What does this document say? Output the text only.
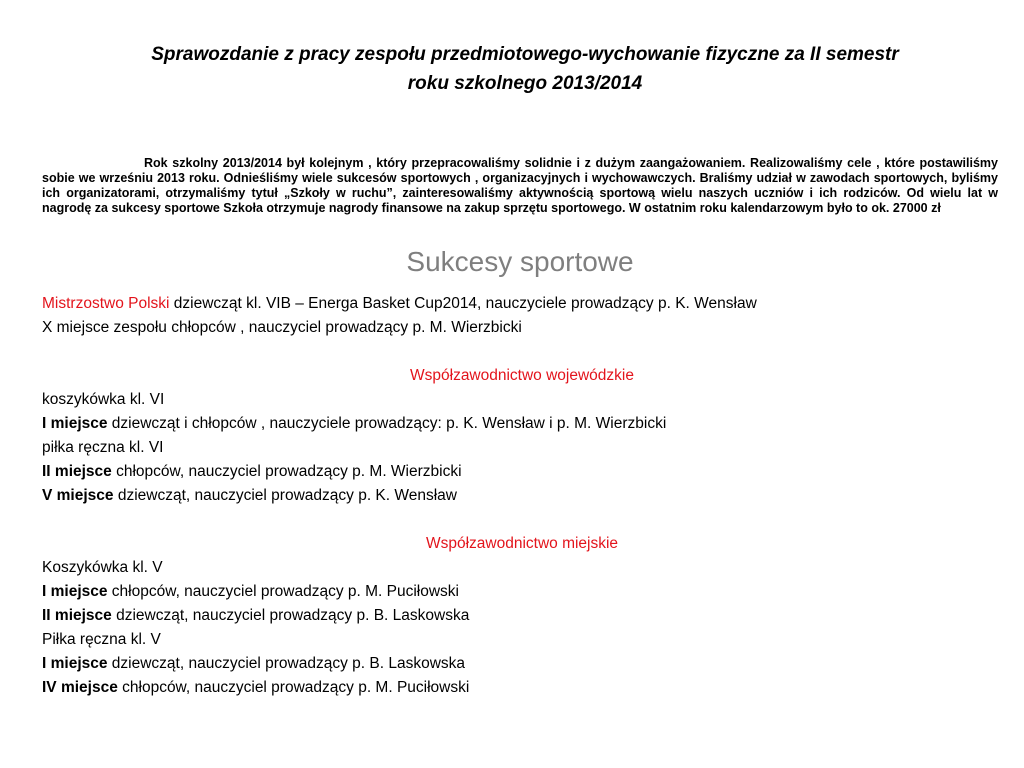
Sprawozdanie z pracy zespołu przedmiotowego-wychowanie fizyczne za II semestr
roku szkolnego 2013/2014
Rok szkolny 2013/2014 był kolejnym , który przepracowaliśmy solidnie i z dużym zaangażowaniem. Realizowaliśmy cele , które postawiliśmy sobie we wrześniu 2013 roku. Odnieśliśmy wiele sukcesów sportowych , organizacyjnych i wychowawczych. Braliśmy udział w zawodach sportowych, byliśmy ich organizatorami, otrzymaliśmy tytuł „Szkoły w ruchu”, zainteresowaliśmy aktywnością sportową wielu naszych uczniów i ich rodziców. Od wielu lat w nagrodę za sukcesy sportowe Szkoła otrzymuje nagrody finansowe na zakup sprzętu sportowego. W ostatnim roku kalendarzowym było to ok. 27000 zł
Sukcesy sportowe
Mistrzostwo Polski dziewcząt kl. VIB – Energa Basket Cup2014, nauczyciele prowadzący p. K. Wensław
X miejsce zespołu chłopców , nauczyciel prowadzący p. M. Wierzbicki
Współzawodnictwo wojewódzkie
koszykówka kl. VI
I miejsce dziewcząt i chłopców , nauczyciele prowadzący: p. K. Wensław i p. M. Wierzbicki
piłka ręczna kl. VI
II miejsce chłopców, nauczyciel prowadzący p. M. Wierzbicki
V miejsce dziewcząt, nauczyciel prowadzący p. K. Wensław
Współzawodnictwo miejskie
Koszykówka kl. V
I miejsce chłopców, nauczyciel prowadzący p. M. Puciłowski
II miejsce dziewcząt, nauczyciel prowadzący p. B. Laskowska
Piłka ręczna kl. V
I miejsce dziewcząt, nauczyciel prowadzący p. B. Laskowska
IV miejsce chłopców, nauczyciel prowadzący p. M. Puciłowski
